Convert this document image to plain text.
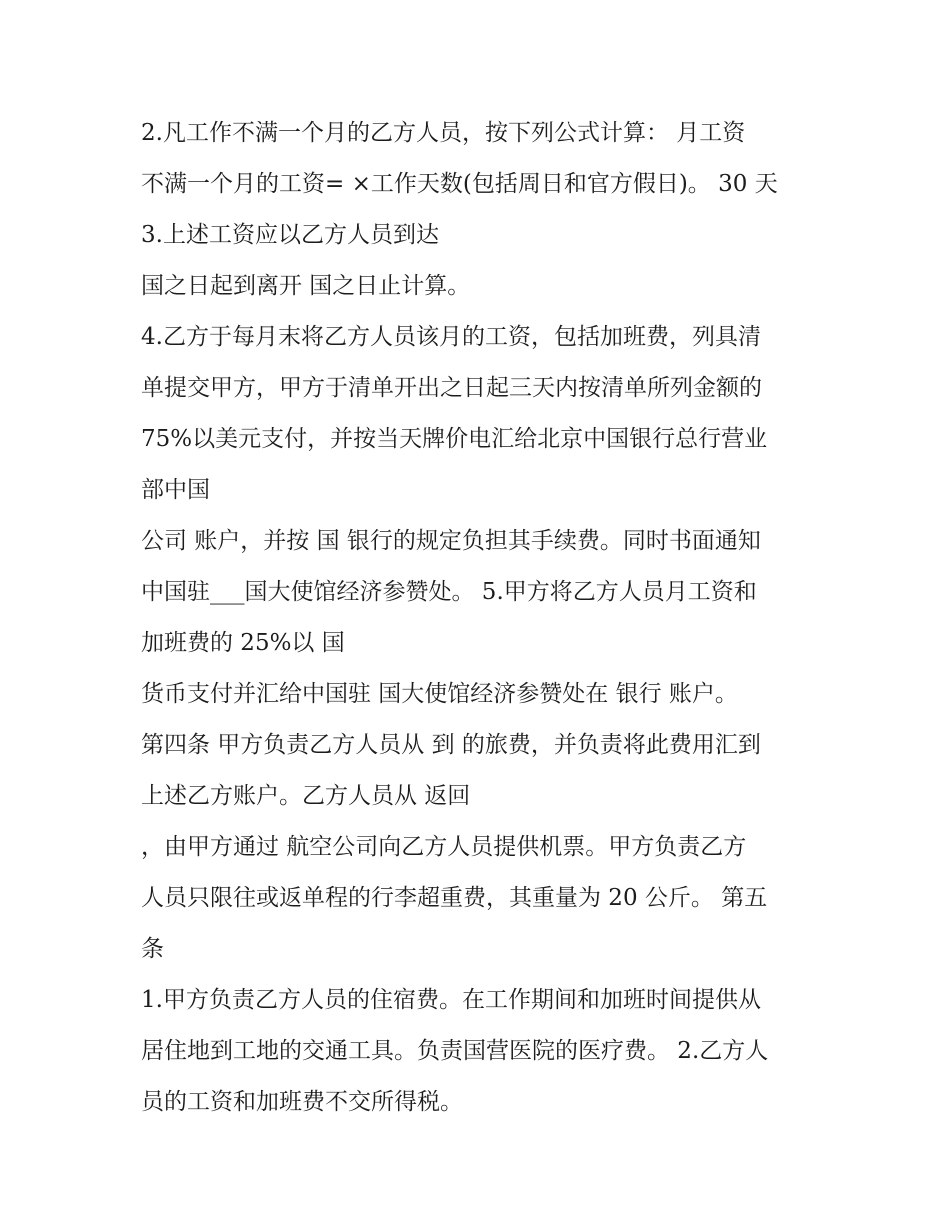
2.凡工作不满一个月的乙方人员，按下列公式计算： 月工资
不满一个月的工资= ×工作天数(包括周日和官方假日)。 30 天
3.上述工资应以乙方人员到达
国之日起到离开 国之日止计算。
4.乙方于每月末将乙方人员该月的工资，包括加班费，列具清
单提交甲方，甲方于清单开出之日起三天内按清单所列金额的
75%以美元支付，并按当天牌价电汇给北京中国银行总行营业
部中国
公司 账户，并按 国 银行的规定负担其手续费。同时书面通知
中国驻___国大使馆经济参赞处。 5.甲方将乙方人员月工资和
加班费的 25%以 国
货币支付并汇给中国驻 国大使馆经济参赞处在 银行 账户。
第四条 甲方负责乙方人员从 到 的旅费，并负责将此费用汇到
上述乙方账户。乙方人员从 返回
，由甲方通过 航空公司向乙方人员提供机票。甲方负责乙方
人员只限往或返单程的行李超重费，其重量为 20 公斤。 第五
条
1.甲方负责乙方人员的住宿费。在工作期间和加班时间提供从
居住地到工地的交通工具。负责国营医院的医疗费。 2.乙方人
员的工资和加班费不交所得税。
